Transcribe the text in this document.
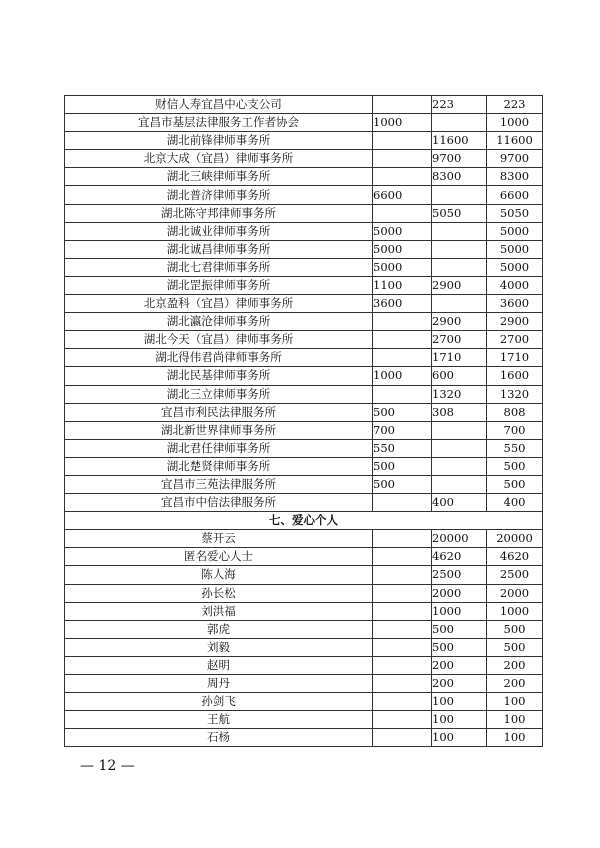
财信人寿宜昌中心支公司		223	223
宜昌市基层法律服务工作者协会	1000		1000
湖北前锋律师事务所		11600	11600
北京大成（宜昌）律师事务所		9700	9700
湖北三峡律师事务所		8300	8300
湖北普济律师事务所	6600		6600
湖北陈守邦律师事务所		5050	5050
湖北诚业律师事务所	5000		5000
湖北诚昌律师事务所	5000		5000
湖北七君律师事务所	5000		5000
湖北罡振律师事务所	1100	2900	4000
北京盈科（宜昌）律师事务所	3600		3600
湖北瀛沧律师事务所		2900	2900
湖北今天（宜昌）律师事务所		2700	2700
湖北得伟君尚律师事务所		1710	1710
湖北民基律师事务所	1000	600	1600
湖北三立律师事务所		1320	1320
宜昌市利民法律服务所	500	308	808
湖北新世界律师事务所	700		700
湖北君任律师事务所	550		550
湖北楚贤律师事务所	500		500
宜昌市三苑法律服务所	500		500
宜昌市中信法律服务所		400	400
七、爱心个人			
蔡开云		20000	20000
匿名爱心人士		4620	4620
陈人海		2500	2500
孙长松		2000	2000
刘洪福		1000	1000
郭虎		500	500
刘毅		500	500
赵明		200	200
周丹		200	200
孙剑飞		100	100
王航		100	100
石杨		100	100
— 12 —
